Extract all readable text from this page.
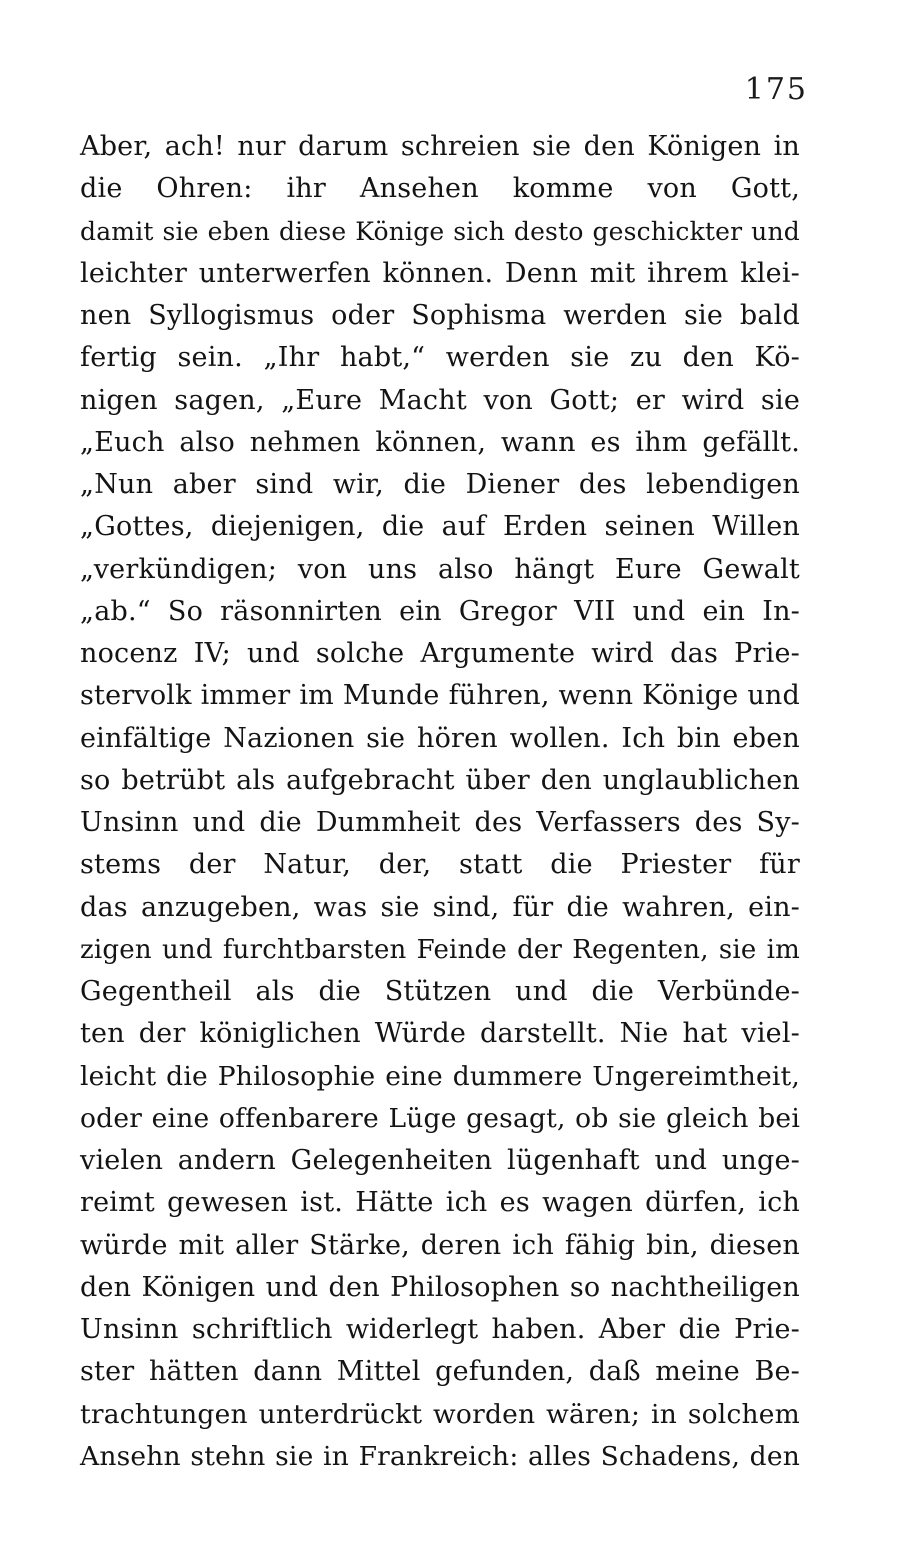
175
Aber, ach! nur darum schreien sie den Königen in
die Ohren: ihr Ansehen komme von Gott,
damit sie eben diese Könige sich desto geschickter und
leichter unterwerfen können. Denn mit ihrem klei-
nen Syllogismus oder Sophisma werden sie bald
fertig sein. „Ihr habt,“ werden sie zu den Kö-
nigen sagen, „Eure Macht von Gott; er wird sie
„Euch also nehmen können, wann es ihm gefällt.
„Nun aber sind wir, die Diener des lebendigen
„Gottes, diejenigen, die auf Erden seinen Willen
„verkündigen; von uns also hängt Eure Gewalt
„ab.“ So räsonnirten ein Gregor VII und ein In-
nocenz IV; und solche Argumente wird das Prie-
stervolk immer im Munde führen, wenn Könige und
einfältige Nazionen sie hören wollen. Ich bin eben
so betrübt als aufgebracht über den unglaublichen
Unsinn und die Dummheit des Verfassers des Sy-
stems der Natur, der, statt die Priester für
das anzugeben, was sie sind, für die wahren, ein-
zigen und furchtbarsten Feinde der Regenten, sie im
Gegentheil als die Stützen und die Verbünde-
ten der königlichen Würde darstellt. Nie hat viel-
leicht die Philosophie eine dummere Ungereimtheit,
oder eine offenbarere Lüge gesagt, ob sie gleich bei
vielen andern Gelegenheiten lügenhaft und unge-
reimt gewesen ist. Hätte ich es wagen dürfen, ich
würde mit aller Stärke, deren ich fähig bin, diesen
den Königen und den Philosophen so nachtheiligen
Unsinn schriftlich widerlegt haben. Aber die Prie-
ster hätten dann Mittel gefunden, daß meine Be-
trachtungen unterdrückt worden wären; in solchem
Ansehn stehn sie in Frankreich: alles Schadens, den
